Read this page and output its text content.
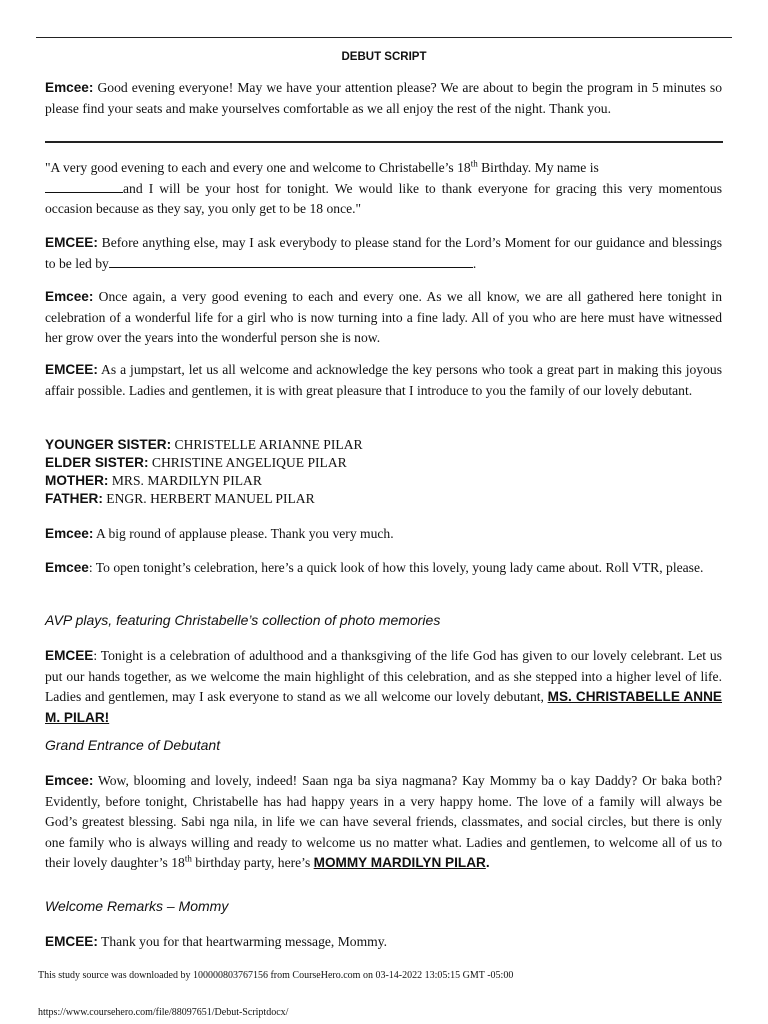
DEBUT SCRIPT

Emcee: Good evening everyone! May we have your attention please? We are about to begin the program in 5 minutes so please find your seats and make yourselves comfortable as we all enjoy the rest of the night. Thank you.

"A very good evening to each and every one and welcome to Christabelle’s 18th Birthday. My name is
and I will be your host for tonight. We would like to thank everyone for gracing this very momentous occasion because as they say, you only get to be 18 once."

EMCEE: Before anything else, may I ask everybody to please stand for the Lord’s Moment for our guidance and blessings to be led by	.

Emcee: Once again, a very good evening to each and every one. As we all know, we are all gathered here tonight in celebration of a wonderful life for a girl who is now turning into a fine lady. All of you who are here must have witnessed her grow over the years into the wonderful person she is now.

EMCEE: As a jumpstart, let us all welcome and acknowledge the key persons who took a great part in making this joyous affair possible. Ladies and gentlemen, it is with great pleasure that I introduce to you the family of our lovely debutant.

YOUNGER SISTER: CHRISTELLE ARIANNE PILAR
ELDER SISTER: CHRISTINE ANGELIQUE PILAR
MOTHER: MRS. MARDILYN PILAR
FATHER: ENGR. HERBERT MANUEL PILAR

Emcee: A big round of applause please. Thank you very much.

Emcee: To open tonight’s celebration, here’s a quick look of how this lovely, young lady came about. Roll VTR, please.

AVP plays, featuring Christabelle’s collection of photo memories

EMCEE: Tonight is a celebration of adulthood and a thanksgiving of the life God has given to our lovely celebrant. Let us put our hands together, as we welcome the main highlight of this celebration, and as she stepped into a higher level of life. Ladies and gentlemen, may I ask everyone to stand as we all welcome our lovely debutant, MS. CHRISTABELLE ANNE M. PILAR!

Grand Entrance of Debutant

Emcee: Wow, blooming and lovely, indeed! Saan nga ba siya nagmana? Kay Mommy ba o kay Daddy? Or baka both? Evidently, before tonight, Christabelle has had happy years in a very happy home. The love of a family will always be God’s greatest blessing. Sabi nga nila, in life we can have several friends, classmates, and social circles, but there is only one family who is always willing and ready to welcome us no matter what. Ladies and gentlemen, to welcome all of us to their lovely daughter’s 18th birthday party, here’s MOMMY MARDILYN PILAR.

Welcome Remarks – Mommy

EMCEE: Thank you for that heartwarming message, Mommy.

This study source was downloaded by 100000803767156 from CourseHero.com on 03-14-2022 13:05:15 GMT -05:00
https://www.coursehero.com/file/88097651/Debut-Scriptdocx/
